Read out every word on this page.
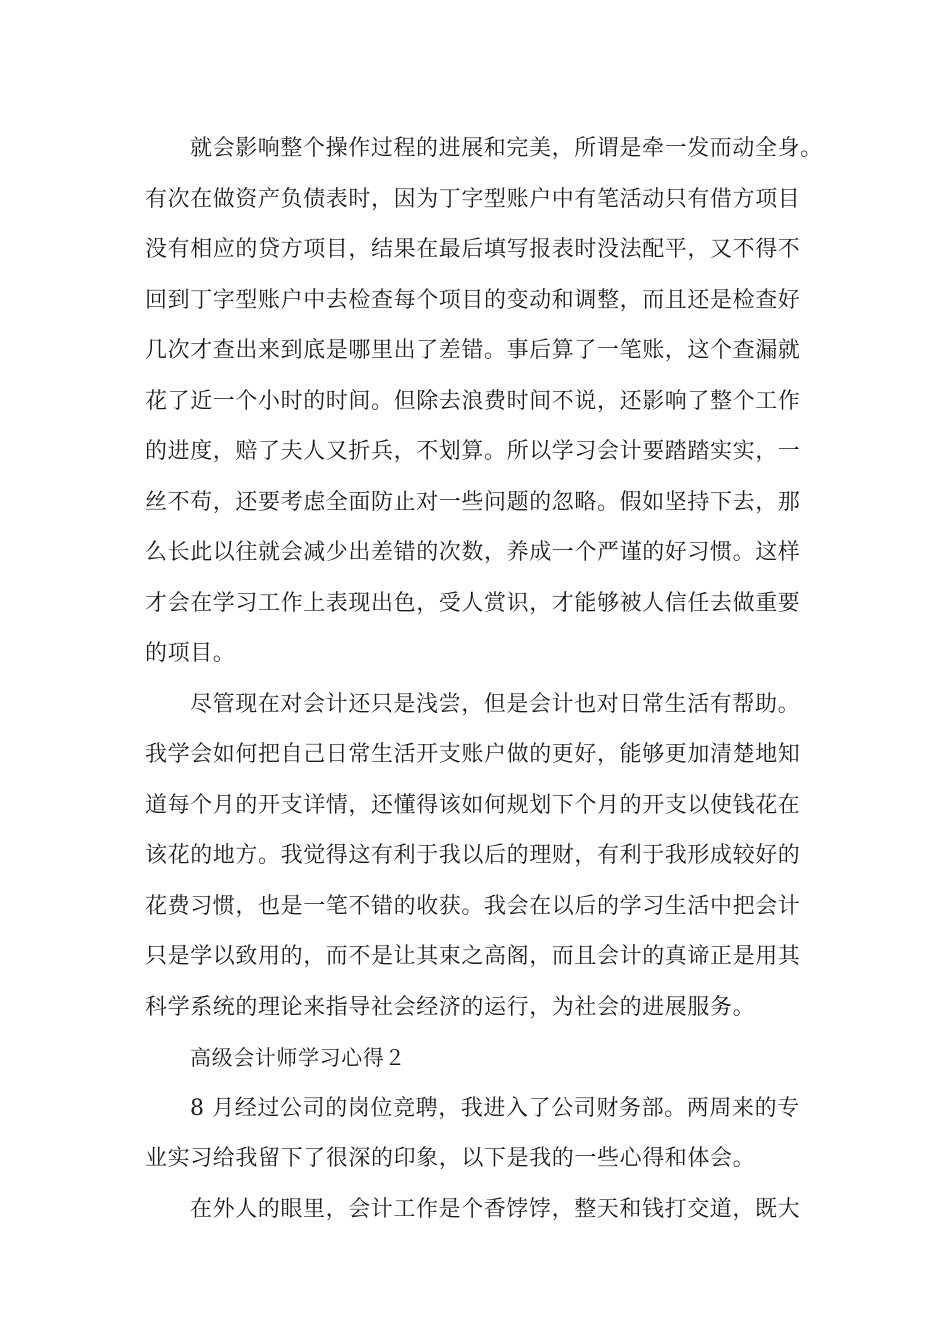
就会影响整个操作过程的进展和完美，所谓是牵一发而动全身。
有次在做资产负债表时，因为丁字型账户中有笔活动只有借方项目
没有相应的贷方项目，结果在最后填写报表时没法配平，又不得不
回到丁字型账户中去检查每个项目的变动和调整，而且还是检查好
几次才查出来到底是哪里出了差错。事后算了一笔账，这个查漏就
花了近一个小时的时间。但除去浪费时间不说，还影响了整个工作
的进度，赔了夫人又折兵，不划算。所以学习会计要踏踏实实，一
丝不苟，还要考虑全面防止对一些问题的忽略。假如坚持下去，那
么长此以往就会减少出差错的次数，养成一个严谨的好习惯。这样
才会在学习工作上表现出色，受人赏识，才能够被人信任去做重要
的项目。
尽管现在对会计还只是浅尝，但是会计也对日常生活有帮助。
我学会如何把自己日常生活开支账户做的更好，能够更加清楚地知
道每个月的开支详情，还懂得该如何规划下个月的开支以使钱花在
该花的地方。我觉得这有利于我以后的理财，有利于我形成较好的
花费习惯，也是一笔不错的收获。我会在以后的学习生活中把会计
只是学以致用的，而不是让其束之高阁，而且会计的真谛正是用其
科学系统的理论来指导社会经济的运行，为社会的进展服务。
高级会计师学习心得２
8 月经过公司的岗位竞聘，我进入了公司财务部。两周来的专
业实习给我留下了很深的印象，以下是我的一些心得和体会。
在外人的眼里，会计工作是个香饽饽，整天和钱打交道，既大
